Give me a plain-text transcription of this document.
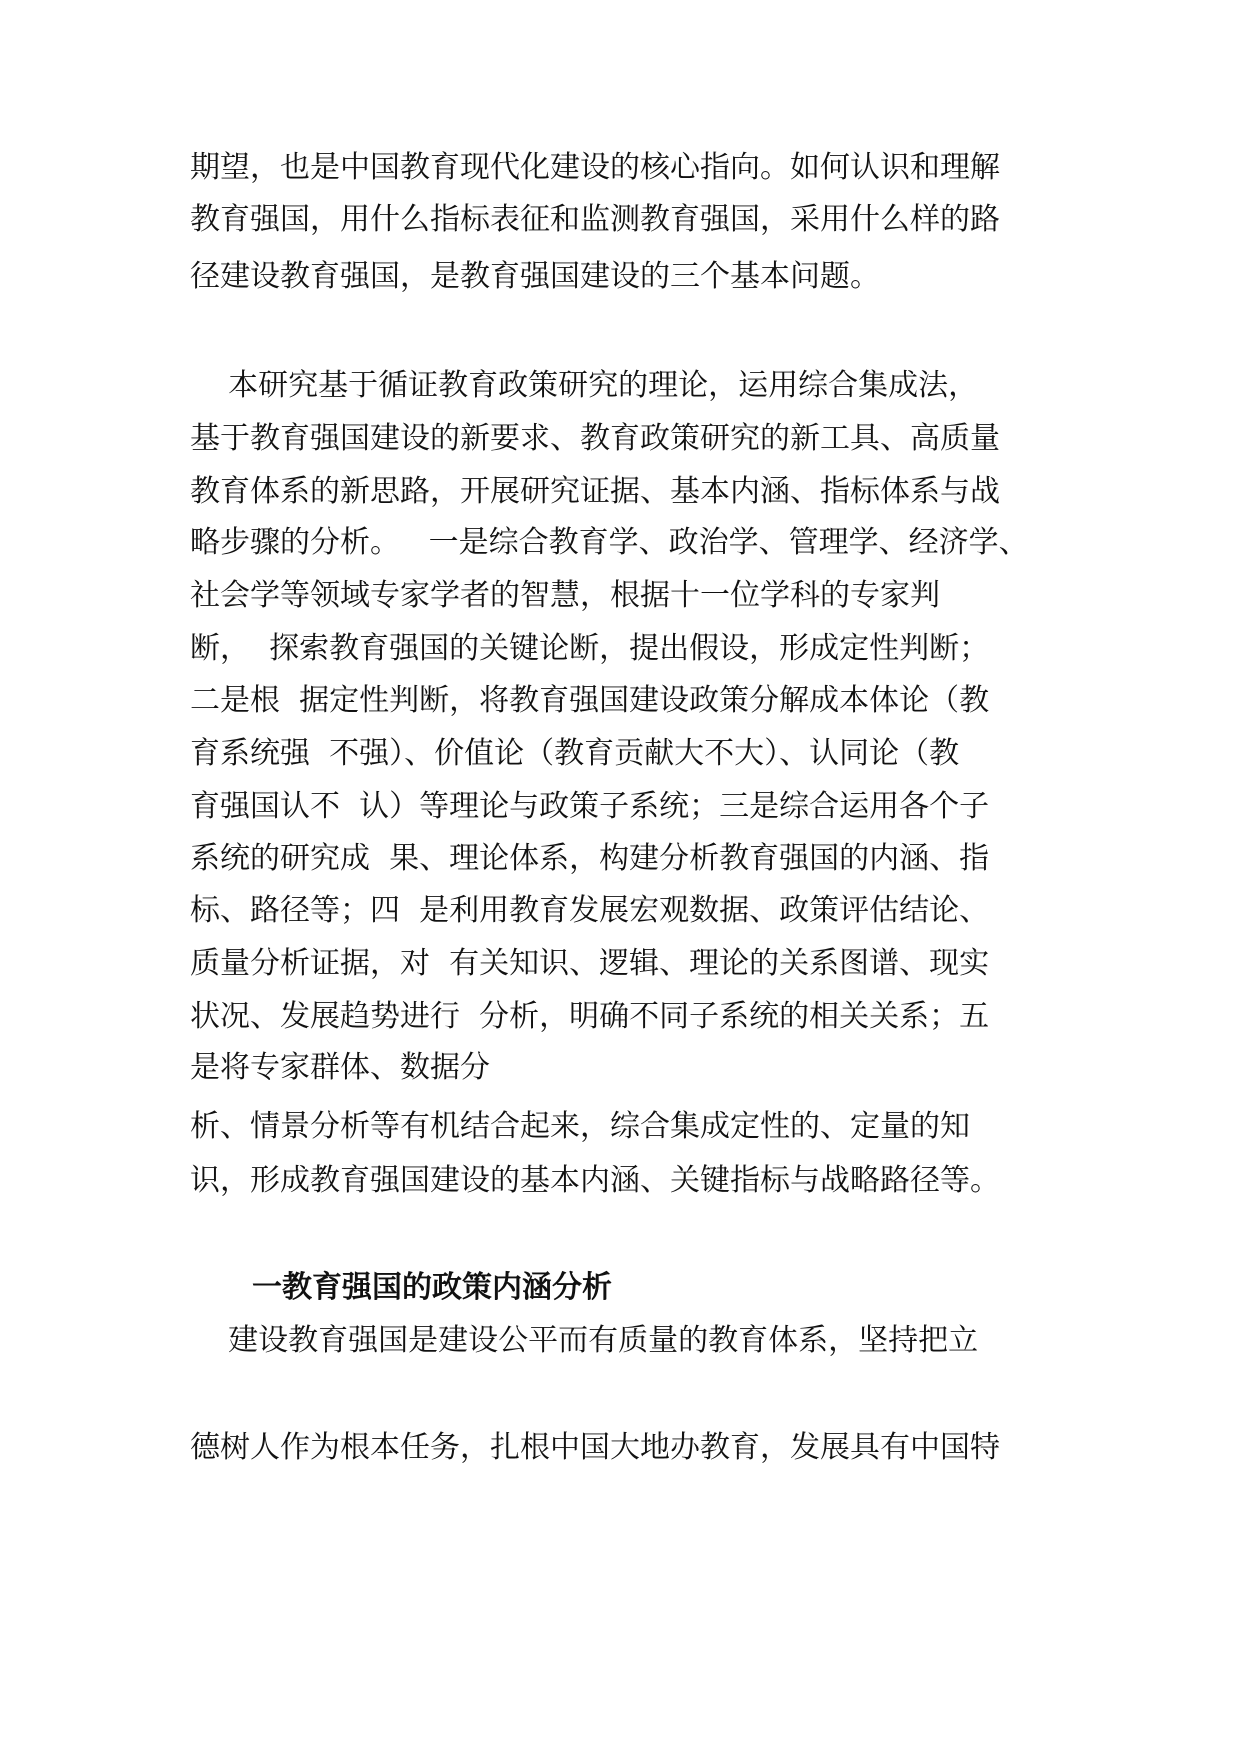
期望，也是中国教育现代化建设的核心指向。如何认识和理解

教育强国，用什么指标表征和监测教育强国，采用什么样的路

径建设教育强国，是教育强国建设的三个基本问题。

本研究基于循证教育政策研究的理论，运用综合集成法，

基于教育强国建设的新要求、教育政策研究的新工具、高质量

教育体系的新思路，开展研究证据、基本内涵、指标体系与战

略步骤的分析。   一是综合教育学、政治学、管理学、经济学、

社会学等领域专家学者的智慧，根据十一位学科的专家判

断，  探索教育强国的关键论断，提出假设，形成定性判断；

二是根  据定性判断，将教育强国建设政策分解成本体论（教

育系统强  不强）、价值论（教育贡献大不大）、认同论（教

育强国认不  认）等理论与政策子系统；三是综合运用各个子

系统的研究成  果、理论体系，构建分析教育强国的内涵、指

标、路径等；四  是利用教育发展宏观数据、政策评估结论、

质量分析证据，对  有关知识、逻辑、理论的关系图谱、现实

状况、发展趋势进行  分析，明确不同子系统的相关关系；五

是将专家群体、数据分

析、情景分析等有机结合起来，综合集成定性的、定量的知

识，形成教育强国建设的基本内涵、关键指标与战略路径等。

一教育强国的政策内涵分析

建设教育强国是建设公平而有质量的教育体系，坚持把立

德树人作为根本任务，扎根中国大地办教育，发展具有中国特
